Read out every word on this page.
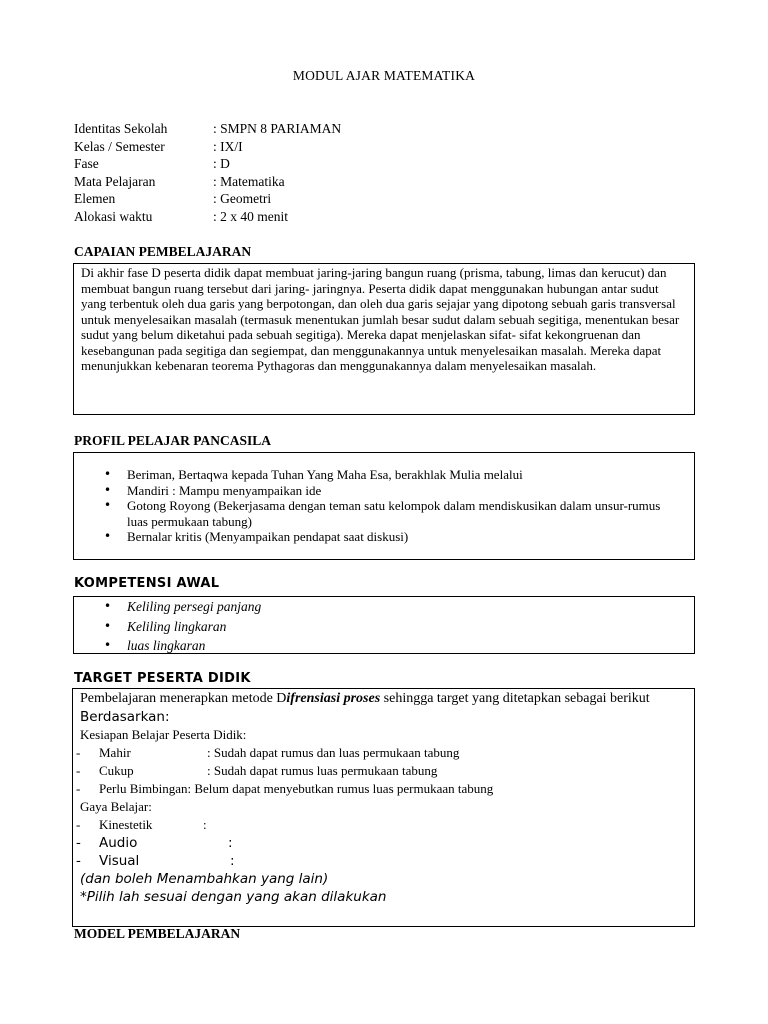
MODUL AJAR MATEMATIKA
Identitas Sekolah	: SMPN 8 PARIAMAN
Kelas / Semester	: IX/I
Fase	: D
Mata Pelajaran	: Matematika
Elemen	: Geometri
Alokasi waktu	: 2 x 40 menit
CAPAIAN PEMBELAJARAN
Di akhir fase D peserta didik dapat membuat jaring-jaring bangun ruang (prisma, tabung, limas dan kerucut) dan membuat bangun ruang tersebut dari jaring- jaringnya. Peserta didik dapat menggunakan hubungan antar sudut yang terbentuk oleh dua garis yang berpotongan, dan oleh dua garis sejajar yang dipotong sebuah garis transversal untuk menyelesaikan masalah (termasuk menentukan jumlah besar sudut dalam sebuah segitiga, menentukan besar sudut yang belum diketahui pada sebuah segitiga). Mereka dapat menjelaskan sifat- sifat kekongruenan dan kesebangunan pada segitiga dan segiempat, dan menggunakannya untuk menyelesaikan masalah. Mereka dapat menunjukkan kebenaran teorema Pythagoras dan menggunakannya dalam menyelesaikan masalah.
PROFIL PELAJAR PANCASILA
• Beriman, Bertaqwa kepada Tuhan Yang Maha Esa, berakhlak Mulia melalui
• Mandiri : Mampu menyampaikan ide
• Gotong Royong (Bekerjasama dengan teman satu kelompok dalam mendiskusikan dalam unsur-rumus luas permukaan tabung)
• Bernalar kritis (Menyampaikan pendapat saat diskusi)
KOMPETENSI AWAL
• Keliling persegi panjang
• Keliling lingkaran
• luas lingkaran
TARGET PESERTA DIDIK
Pembelajaran menerapkan metode Difrensiasi proses sehingga target yang ditetapkan sebagai berikut
Berdasarkan:
Kesiapan Belajar Peserta Didik:
-	Mahir	: Sudah dapat rumus dan luas permukaan tabung
-	Cukup	: Sudah dapat rumus luas permukaan tabung
-	Perlu Bimbingan : Belum dapat menyebutkan rumus luas permukaan tabung
Gaya Belajar:
-	Kinestetik	:
-	Audio	:
-	Visual	:
(dan boleh Menambahkan yang lain)
*Pilih lah sesuai dengan yang akan dilakukan
MODEL PEMBELAJARAN
